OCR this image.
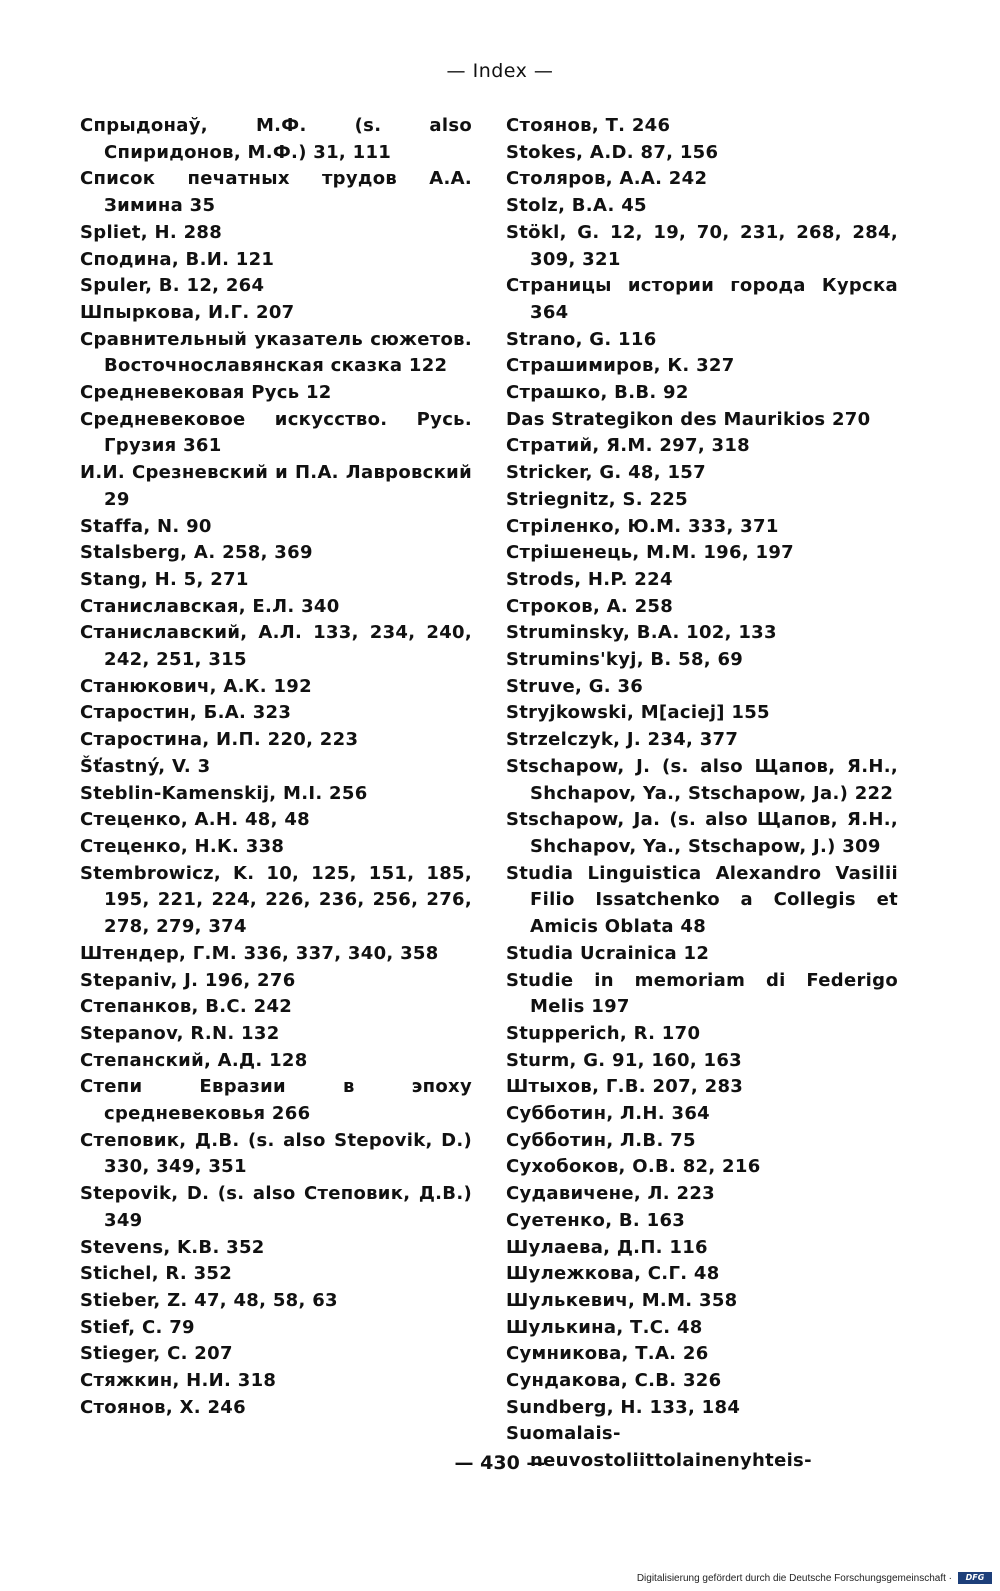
— Index —

Спрыдонаў, М.Ф. (s. also Спиридонов, М.Ф.) 31, 111

Список печатных трудов А.А. Зимина 35

Spliet, H. 288

Сподина, В.И. 121

Spuler, B. 12, 264

Шпыркова, И.Г. 207

Сравнительный указатель сюжетов. Восточнославянская сказка 122

Средневековая Русь 12

Средневековое искусство. Русь. Грузия 361

И.И. Срезневский и П.А. Лавровский 29

Staffa, N. 90

Stalsberg, A. 258, 369

Stang, H. 5, 271

Станиславская, Е.Л. 340

Станиславский, А.Л. 133, 234, 240, 242, 251, 315

Станюкович, А.К. 192

Старостин, Б.А. 323

Старостина, И.П. 220, 223

Šťastný, V. 3

Steblin-Kamenskij, M.I. 256

Стеценко, А.Н. 48, 48

Стеценко, Н.К. 338

Stembrowicz, K. 10, 125, 151, 185, 195, 221, 224, 226, 236, 256, 276, 278, 279, 374

Штендер, Г.М. 336, 337, 340, 358

Stepaniv, J. 196, 276

Степанков, В.С. 242

Stepanov, R.N. 132

Степанский, А.Д. 128

Степи Евразии в эпоху средневековья 266

Степовик, Д.В. (s. also Stepovik, D.) 330, 349, 351

Stepovik, D. (s. also Степовик, Д.В.) 349

Stevens, K.B. 352

Stichel, R. 352

Stieber, Z. 47, 48, 58, 63

Stief, C. 79

Stieger, C. 207

Стяжкин, Н.И. 318

Стоянов, Х. 246

Стоянов, Т. 246

Stokes, A.D. 87, 156

Столяров, А.А. 242

Stolz, B.A. 45

Stökl, G. 12, 19, 70, 231, 268, 284, 309, 321

Страницы истории города Курска 364

Strano, G. 116

Страшимиров, К. 327

Страшко, В.В. 92

Das Strategikon des Maurikios 270

Стратий, Я.М. 297, 318

Stricker, G. 48, 157

Striegnitz, S. 225

Стріленко, Ю.М. 333, 371

Стрішенець, М.М. 196, 197

Strods, H.P. 224

Строков, А. 258

Struminsky, B.A. 102, 133

Strumins'kyj, B. 58, 69

Struve, G. 36

Stryjkowski, M[aciej] 155

Strzelczyk, J. 234, 377

Stschapow, J. (s. also Щапов, Я.Н., Shchapov, Ya., Stschapow, Ja.) 222

Stschapow, Ja. (s. also Щапов, Я.Н., Shchapov, Ya., Stschapow, J.) 309

Studia Linguistica Alexandro Vasilii Filio Issatchenko a Collegis et Amicis Oblata 48

Studia Ucrainica 12

Studie in memoriam di Federigo Melis 197

Stupperich, R. 170

Sturm, G. 91, 160, 163

Штыхов, Г.В. 207, 283

Субботин, Л.Н. 364

Субботин, Л.В. 75

Сухобоков, О.В. 82, 216

Судавичене, Л. 223

Суетенко, В. 163

Шулаева, Д.П. 116

Шулежкова, С.Г. 48

Шулькевич, М.М. 358

Шулькина, Т.С. 48

Сумникова, Т.А. 26

Сундакова, С.В. 326

Sundberg, H. 133, 184

Suomalais-neuvostoliittolainenyhteis-

— 430 —
Digitalisierung gefördert durch die Deutsche Forschungsgemeinschaft ·	DFG
